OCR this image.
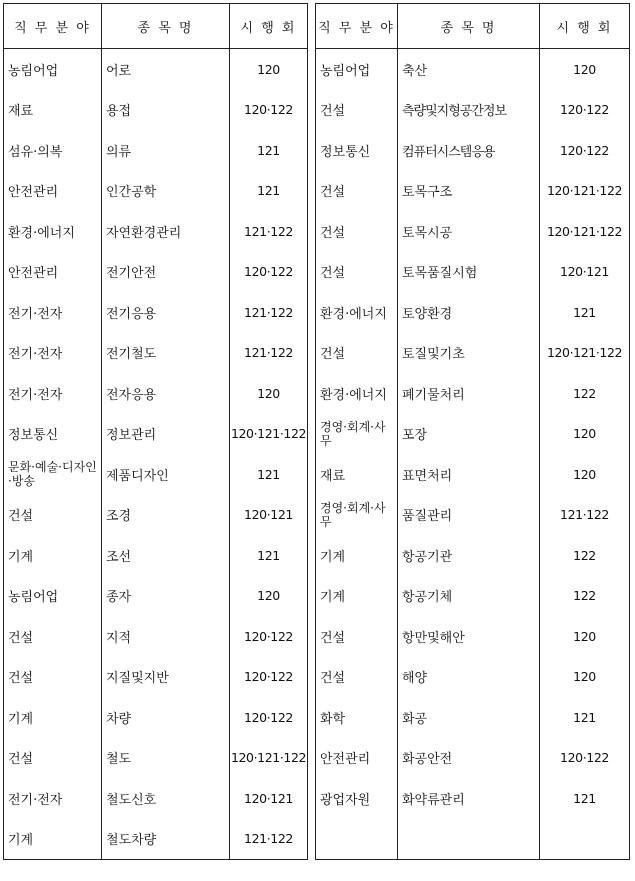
직 무 분 야	종 목 명	시 행 회
농림어업	어로	120
재료	용접	120·122
섬유·의복	의류	121
안전관리	인간공학	121
환경·에너지	자연환경관리	121·122
안전관리	전기안전	120·122
전기·전자	전기응용	121·122
전기·전자	전기철도	121·122
전기·전자	전자응용	120
정보통신	정보관리	120·121·122
문화·예술·디자인·방송	제품디자인	121
건설	조경	120·121
기계	조선	121
농림어업	종자	120
건설	지적	120·122
건설	지질및지반	120·122
기계	차량	120·122
건설	철도	120·121·122
전기·전자	철도신호	120·121
기계	철도차량	121·122
직 무 분 야	종 목 명	시 행 회
농림어업	축산	120
건설	측량및지형공간정보	120·122
정보통신	컴퓨터시스템응용	120·122
건설	토목구조	120·121·122
건설	토목시공	120·121·122
건설	토목품질시험	120·121
환경·에너지	토양환경	121
건설	토질및기초	120·121·122
환경·에너지	폐기물처리	122
경영·회계·사무	포장	120
재료	표면처리	120
경영·회계·사무	품질관리	121·122
기계	항공기관	122
기계	항공기체	122
건설	항만및해안	120
건설	해양	120
화학	화공	121
안전관리	화공안전	120·122
광업자원	화약류관리	121
